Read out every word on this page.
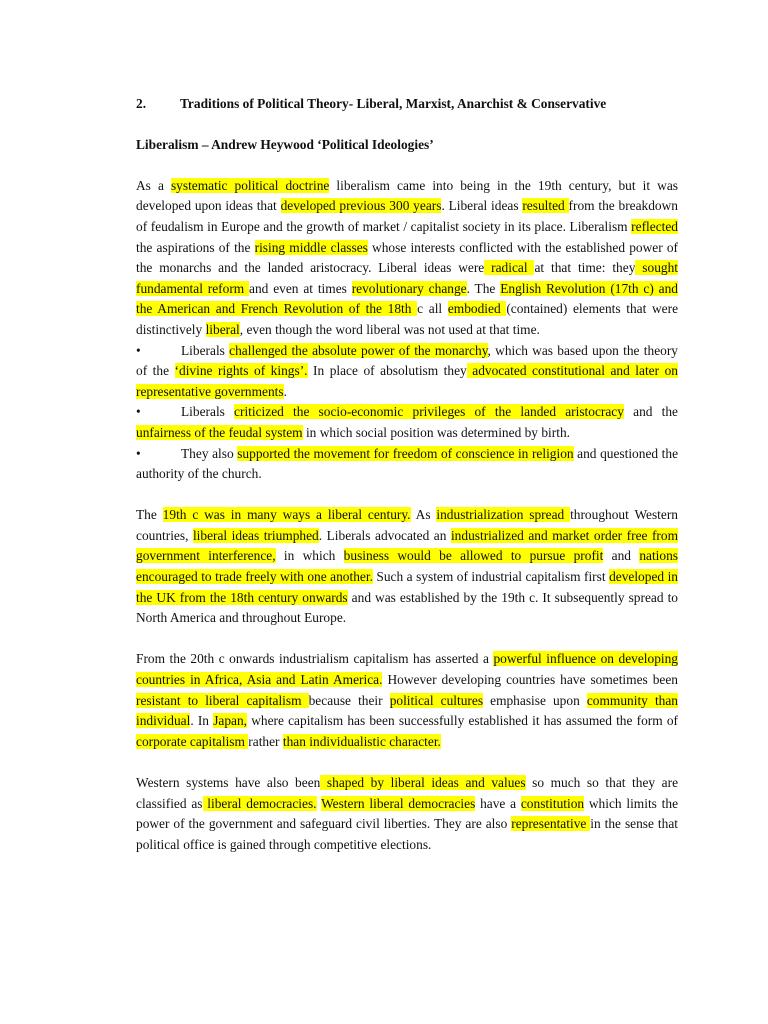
2.	Traditions of Political Theory- Liberal, Marxist, Anarchist & Conservative

Liberalism – Andrew Heywood ‘Political Ideologies’

As a systematic political doctrine liberalism came into being in the 19th century, but it was developed upon ideas that developed previous 300 years. Liberal ideas resulted from the breakdown of feudalism in Europe and the growth of market / capitalist society in its place. Liberalism reflected the aspirations of the rising middle classes whose interests conflicted with the established power of the monarchs and the landed aristocracy. Liberal ideas were radical at that time: they sought fundamental reform and even at times revolutionary change. The English Revolution (17th c) and the American and French Revolution of the 18th c all embodied (contained) elements that were distinctively liberal, even though the word liberal was not used at that time.

•	Liberals challenged the absolute power of the monarchy, which was based upon the theory of the ‘divine rights of kings’. In place of absolutism they advocated constitutional and later on representative governments.

•	Liberals criticized the socio-economic privileges of the landed aristocracy and the unfairness of the feudal system in which social position was determined by birth.

•	They also supported the movement for freedom of conscience in religion and questioned the authority of the church.

The 19th c was in many ways a liberal century. As industrialization spread throughout Western countries, liberal ideas triumphed. Liberals advocated an industrialized and market order free from government interference, in which business would be allowed to pursue profit and nations encouraged to trade freely with one another. Such a system of industrial capitalism first developed in the UK from the 18th century onwards and was established by the 19th c. It subsequently spread to North America and throughout Europe.

From the 20th c onwards industrialism capitalism has asserted a powerful influence on developing countries in Africa, Asia and Latin America. However developing countries have sometimes been resistant to liberal capitalism because their political cultures emphasise upon community than individual. In Japan, where capitalism has been successfully established it has assumed the form of corporate capitalism rather than individualistic character.

Western systems have also been shaped by liberal ideas and values so much so that they are classified as liberal democracies. Western liberal democracies have a constitution which limits the power of the government and safeguard civil liberties. They are also representative in the sense that political office is gained through competitive elections.
